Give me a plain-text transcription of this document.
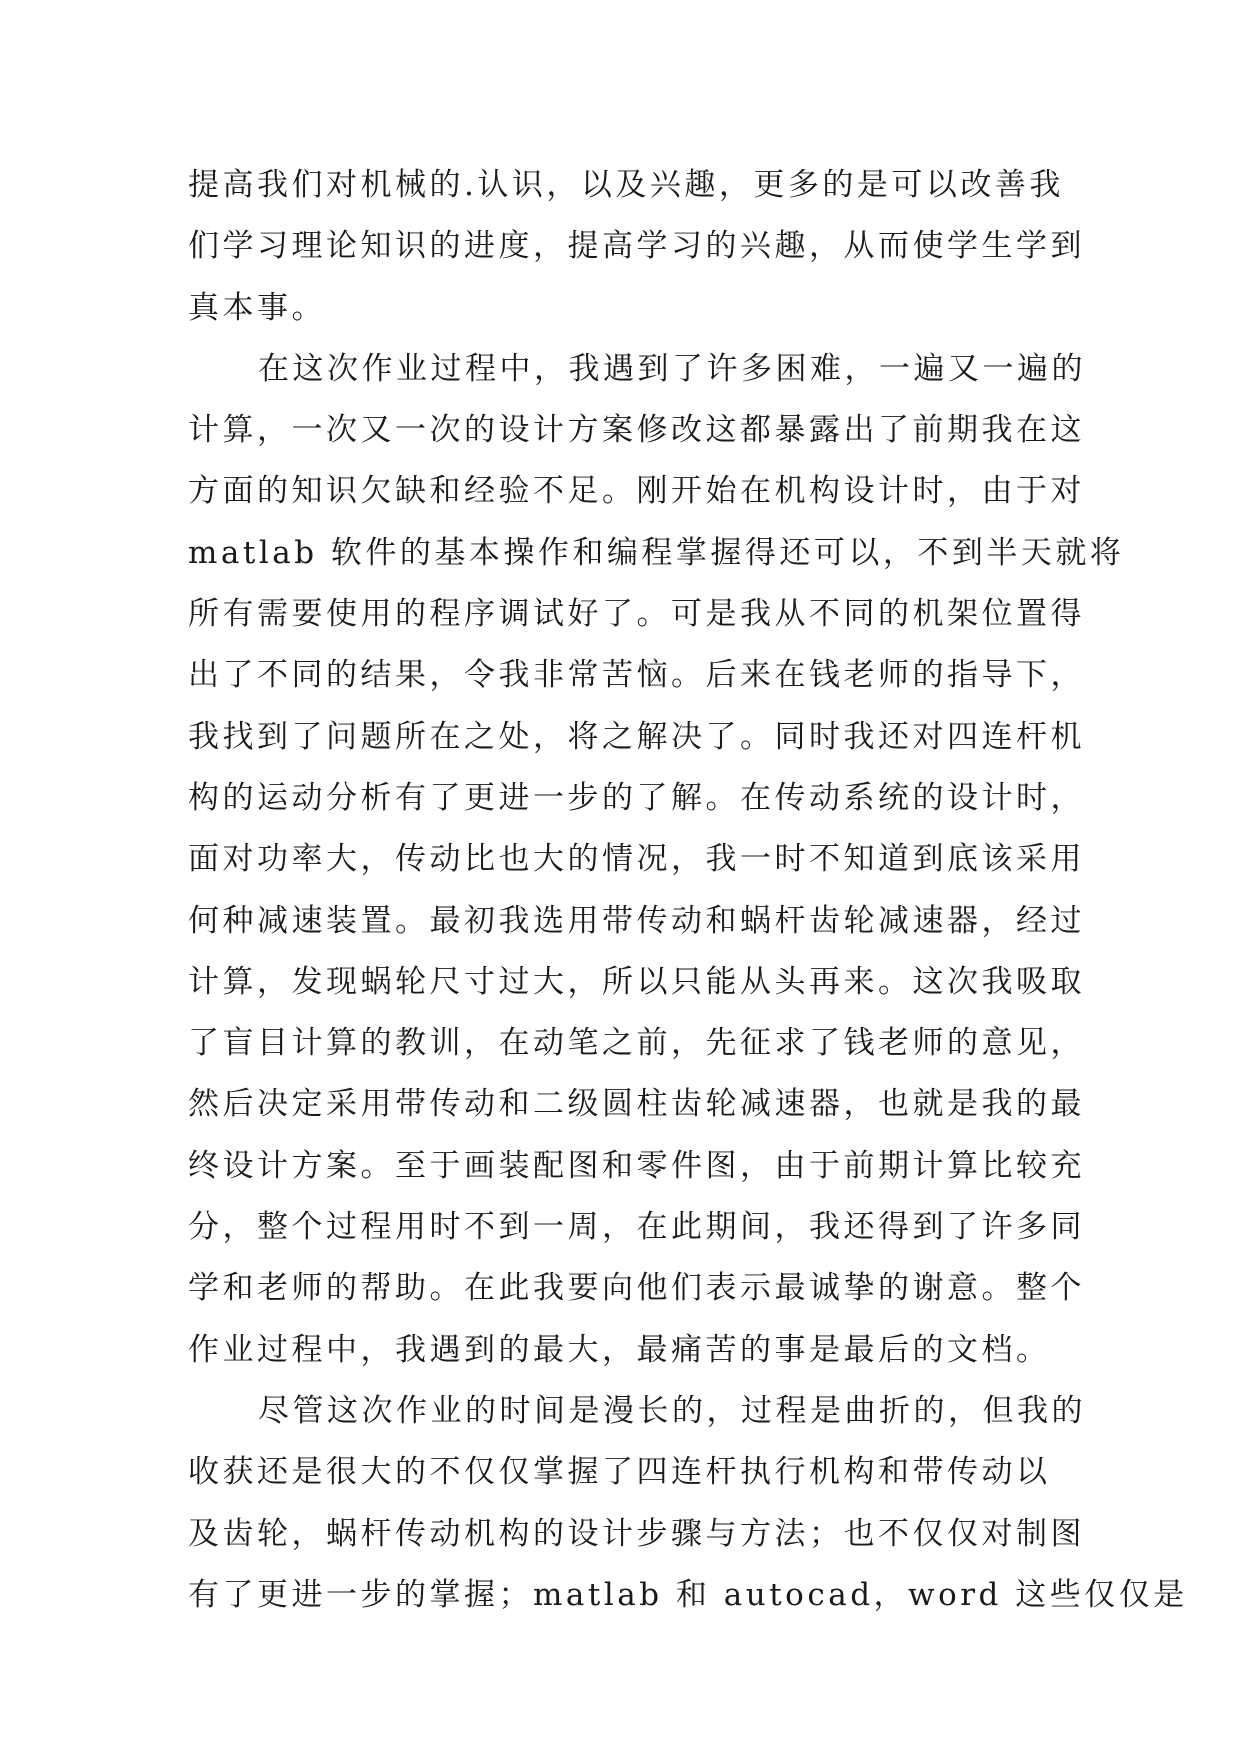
提高我们对机械的.认识，以及兴趣，更多的是可以改善我
们学习理论知识的进度，提高学习的兴趣，从而使学生学到
真本事。
在这次作业过程中，我遇到了许多困难，一遍又一遍的
计算，一次又一次的设计方案修改这都暴露出了前期我在这
方面的知识欠缺和经验不足。刚开始在机构设计时，由于对
matlab 软件的基本操作和编程掌握得还可以，不到半天就将
所有需要使用的程序调试好了。可是我从不同的机架位置得
出了不同的结果，令我非常苦恼。后来在钱老师的指导下，
我找到了问题所在之处，将之解决了。同时我还对四连杆机
构的运动分析有了更进一步的了解。在传动系统的设计时，
面对功率大，传动比也大的情况，我一时不知道到底该采用
何种减速装置。最初我选用带传动和蜗杆齿轮减速器，经过
计算，发现蜗轮尺寸过大，所以只能从头再来。这次我吸取
了盲目计算的教训，在动笔之前，先征求了钱老师的意见，
然后决定采用带传动和二级圆柱齿轮减速器，也就是我的最
终设计方案。至于画装配图和零件图，由于前期计算比较充
分，整个过程用时不到一周，在此期间，我还得到了许多同
学和老师的帮助。在此我要向他们表示最诚挚的谢意。整个
作业过程中，我遇到的最大，最痛苦的事是最后的文档。
尽管这次作业的时间是漫长的，过程是曲折的，但我的
收获还是很大的不仅仅掌握了四连杆执行机构和带传动以
及齿轮，蜗杆传动机构的设计步骤与方法；也不仅仅对制图
有了更进一步的掌握；matlab 和 autocad，word 这些仅仅是
